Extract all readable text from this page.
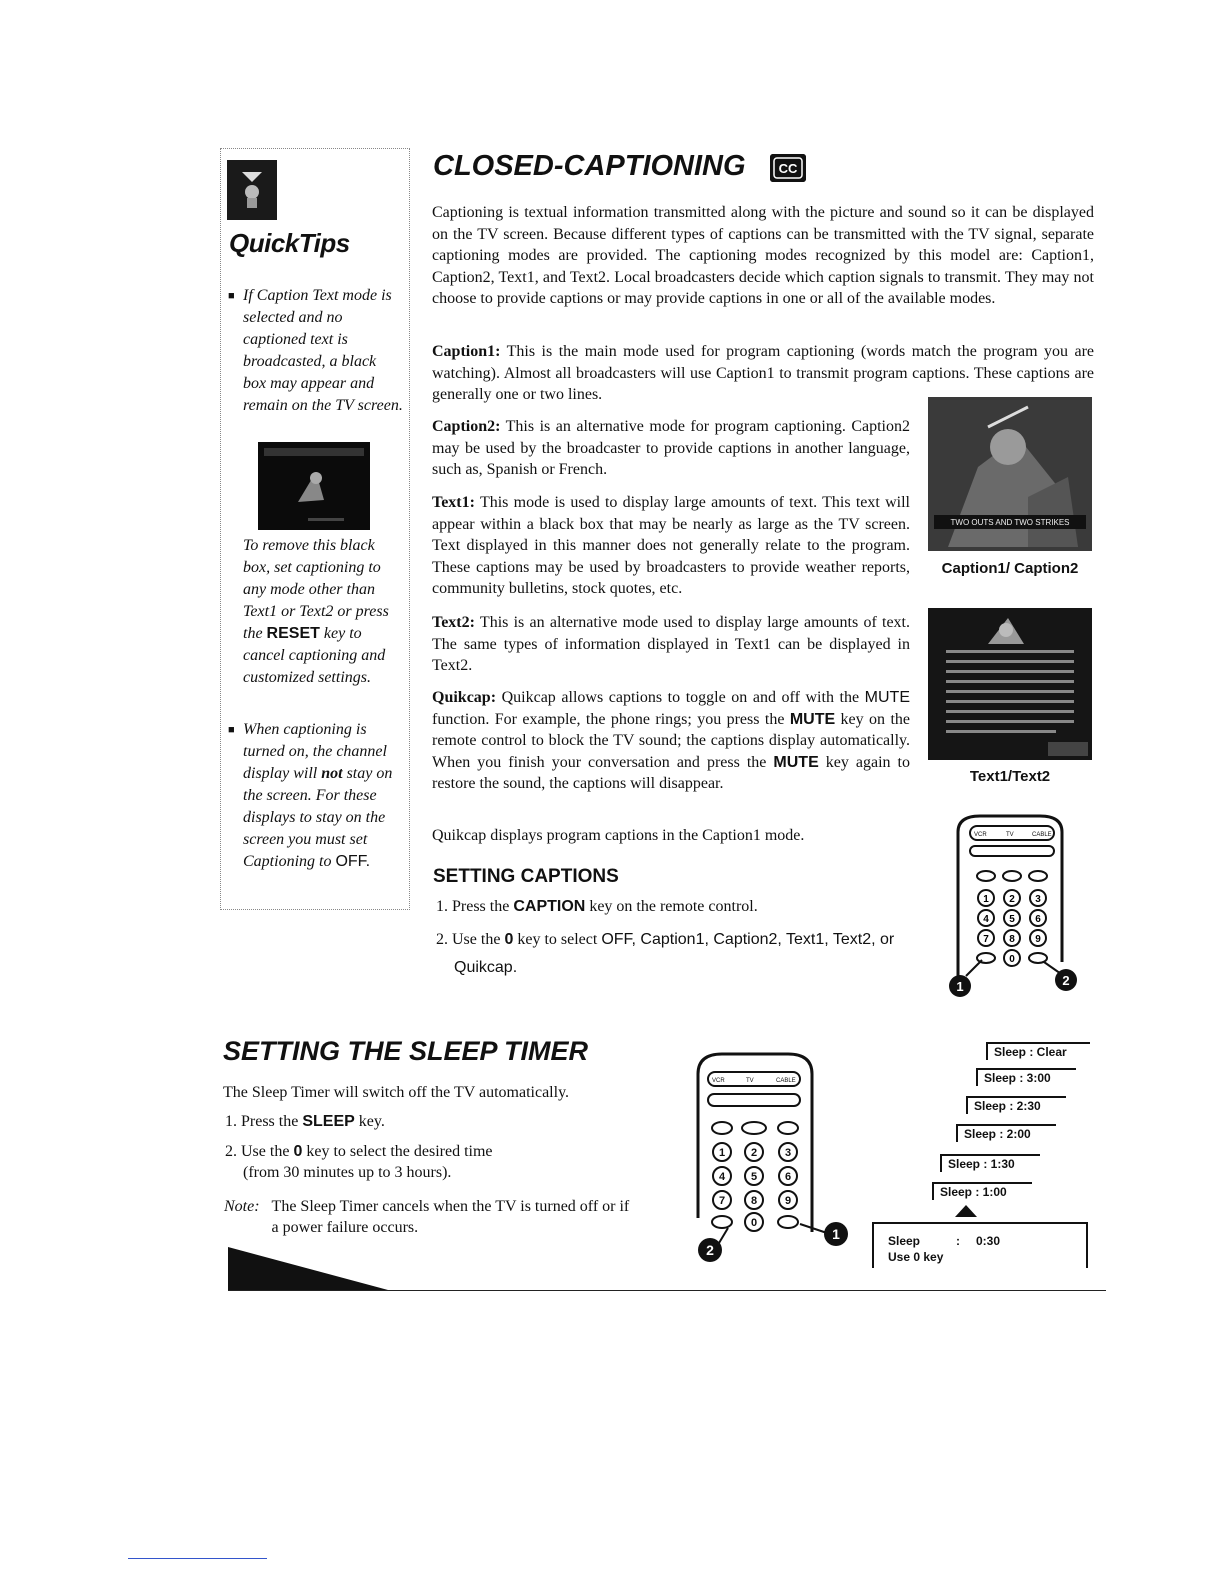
QuickTips
■ If Caption Text mode is selected and no captioned text is broadcasted, a black box may appear and remain on the TV screen.
To remove this black box, set captioning to any mode other than Text1 or Text2 or press the RESET key to cancel captioning and customized settings.
■ When captioning is turned on, the channel display will not stay on the screen. For these displays to stay on the screen you must set Captioning to OFF.
CLOSED-CAPTIONING	CC
Captioning is textual information transmitted along with the picture and sound so it can be displayed on the TV screen. Because different types of captions can be transmitted with the TV signal, separate captioning modes are provided. The captioning modes recognized by this model are: Caption1, Caption2, Text1, and Text2. Local broadcasters decide which caption signals to transmit. They may not choose to provide captions or may provide captions in one or all of the available modes.
Caption1: This is the main mode used for program captioning (words match the program you are watching). Almost all broadcasters will use Caption1 to transmit program captions. These captions are generally one or two lines.
Caption2: This is an alternative mode for program captioning. Caption2 may be used by the broadcaster to provide captions in another language, such as, Spanish or French.
Text1: This mode is used to display large amounts of text. This text will appear within a black box that may be nearly as large as the TV screen. Text displayed in this manner does not generally relate to the program. These captions may be used by broadcasters to provide weather reports, community bulletins, stock quotes, etc.
Text2: This is an alternative mode used to display large amounts of text. The same types of information displayed in Text1 can be displayed in Text2.
Quikcap: Quikcap allows captions to toggle on and off with the MUTE function. For example, the phone rings; you press the MUTE key on the remote control to block the TV sound; the captions display automatically. When you finish your conversation and press the MUTE key again to restore the sound, the captions will disappear.
Quikcap displays program captions in the Caption1 mode.
TWO OUTS AND TWO STRIKES
Caption1/ Caption2
Text1/Text2
SETTING CAPTIONS
1. Press the CAPTION key on the remote control.
2. Use the 0 key to select OFF, Caption1, Caption2, Text1, Text2, or Quikcap.
VCR	TV	CABLE
1 2 3
4 5 6
7 8 9
0
1	2
SETTING THE SLEEP TIMER
The Sleep Timer will switch off the TV automatically.
1. Press the SLEEP key.
2. Use the 0 key to select the desired time
(from 30 minutes up to 3 hours).
Note: The Sleep Timer cancels when the TV is turned off or if a power failure occurs.
VCR	TV	CABLE
1 2	3
4 5	6
7 8	9
0
2
1
Sleep : Clear
Sleep : 3:00
Sleep : 2:30
Sleep : 2:00
Sleep : 1:30
Sleep : 1:00
Sleep	: 0:30
Use 0 key
